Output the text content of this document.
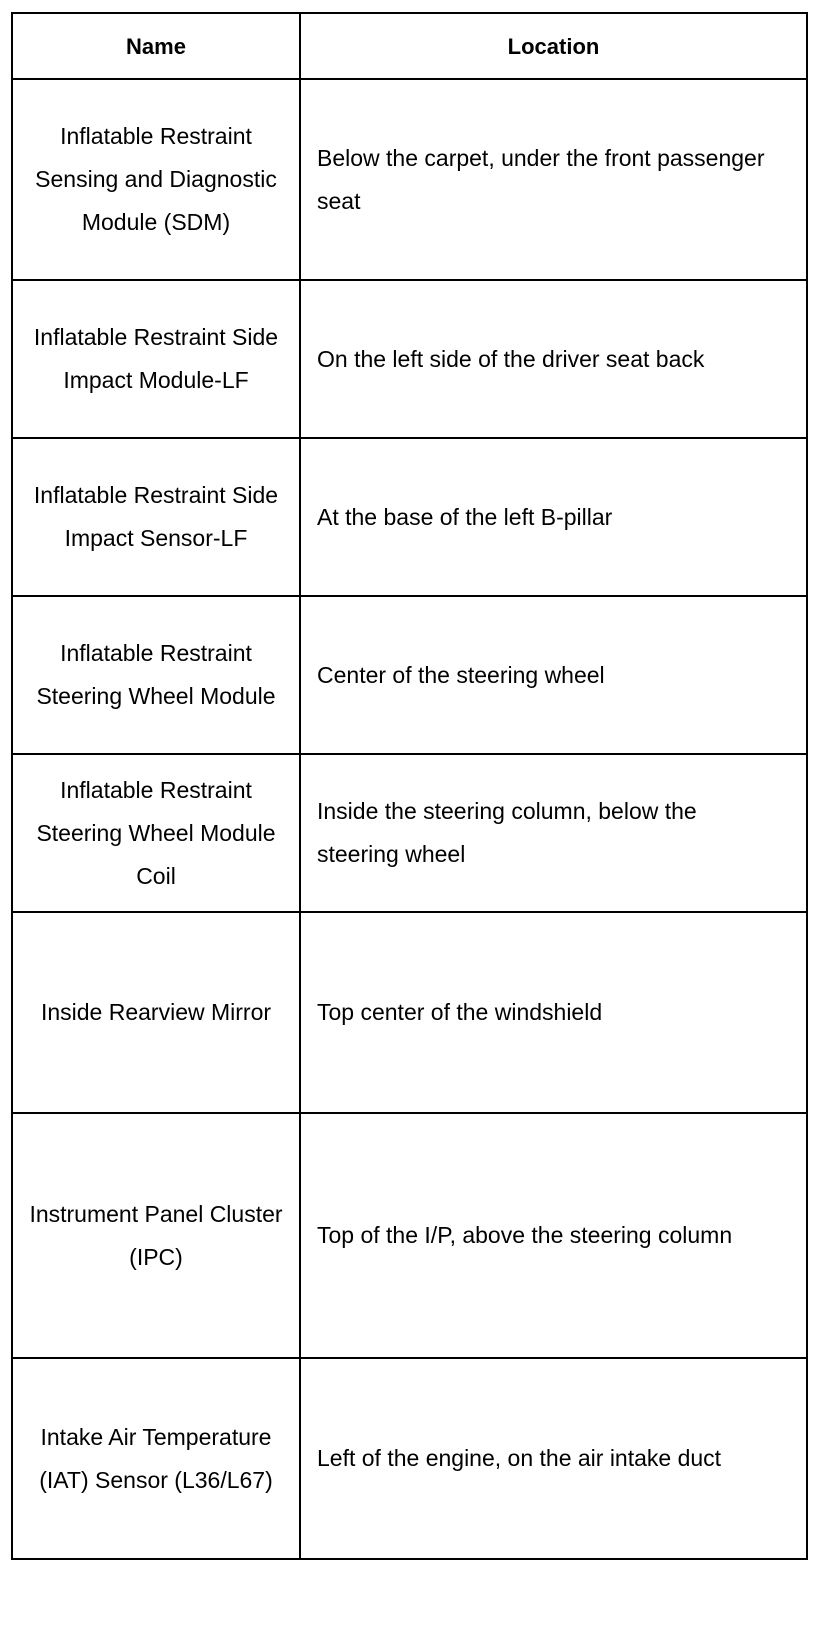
Name	Location
Inflatable Restraint Sensing and Diagnostic Module (SDM)	Below the carpet, under the front passenger seat
Inflatable Restraint Side Impact Module-LF	On the left side of the driver seat back
Inflatable Restraint Side Impact Sensor-LF	At the base of the left B-pillar
Inflatable Restraint Steering Wheel Module	Center of the steering wheel
Inflatable Restraint Steering Wheel Module Coil	Inside the steering column, below the steering wheel
Inside Rearview Mirror	Top center of the windshield
Instrument Panel Cluster (IPC)	Top of the I/P, above the steering column
Intake Air Temperature (IAT) Sensor (L36/L67)	Left of the engine, on the air intake duct
